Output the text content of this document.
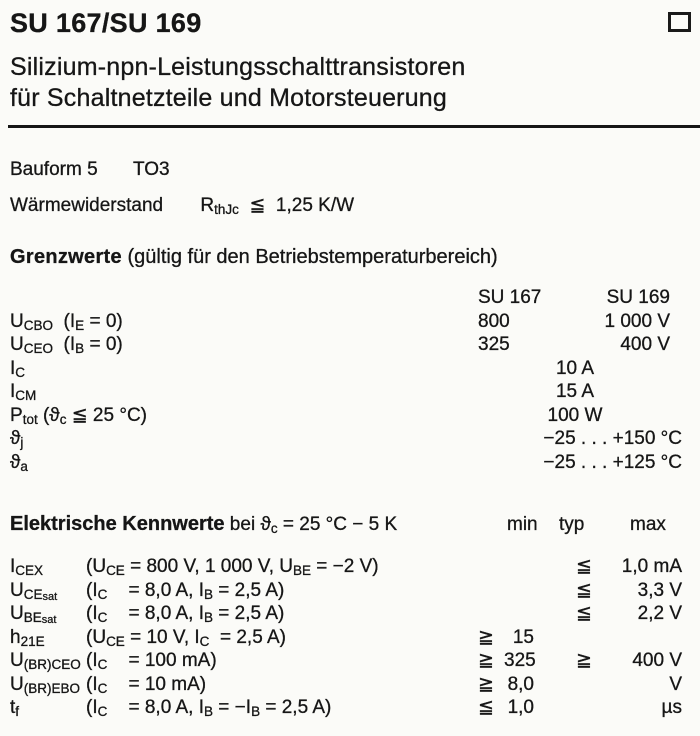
SU 167/SU 169
Silizium-npn-Leistungsschalttransistoren
für Schaltnetzteile und Motorsteuerung
Bauform 5 TO3
Wärmewiderstand $R_{thJc}$  ≦  1,25 K/W
Grenzwerte (gültig für den Betriebstemperaturbereich)
SU 167	SU 169
$U_{CBO}$  $(I_E = 0)$	800	1 000 V
$U_{CEO}$  $(I_B = 0)$	325	400 V
$I_C$	10 A
$I_{CM}$	15 A
$P_{tot}$ ($ϑ_c$ ≦ 25 °C)	100 W
$ϑ_j$	−25 . . . +150 °C
$ϑ_a$	−25 . . . +125 °C
Elektrische Kennwerte bei $ϑ_c = 25$ °C − 5 K	min typ max
$I_{CEX}$	($U_{CE} = 800$ V, 1 000 V, $U_{BE} = -2$ V)	≦	1,0 mA
$U_{CEsat}$	($I_C$    = 8,0 A, $I_B = 2,5$ A)	≦	3,3 V
$U_{BEsat}$	($I_C$    = 8,0 A, $I_B = 2,5$ A)	≦	2,2 V
$h_{21E}$	($U_{CE} = 10$ V, $I_C = 2,5$ A)	≧ 15
$U_{(BR)CEO}$ ($I_C$    = 100 mA)	≧ 325	≧	400 V
$U_{(BR)EBO}$ ($I_C$    = 10 mA)	≧ 8,0	V
$t_f$	($I_C$    = 8,0 A, $I_B = -I_B = 2,5$ A)	≦ 1,0	µs
